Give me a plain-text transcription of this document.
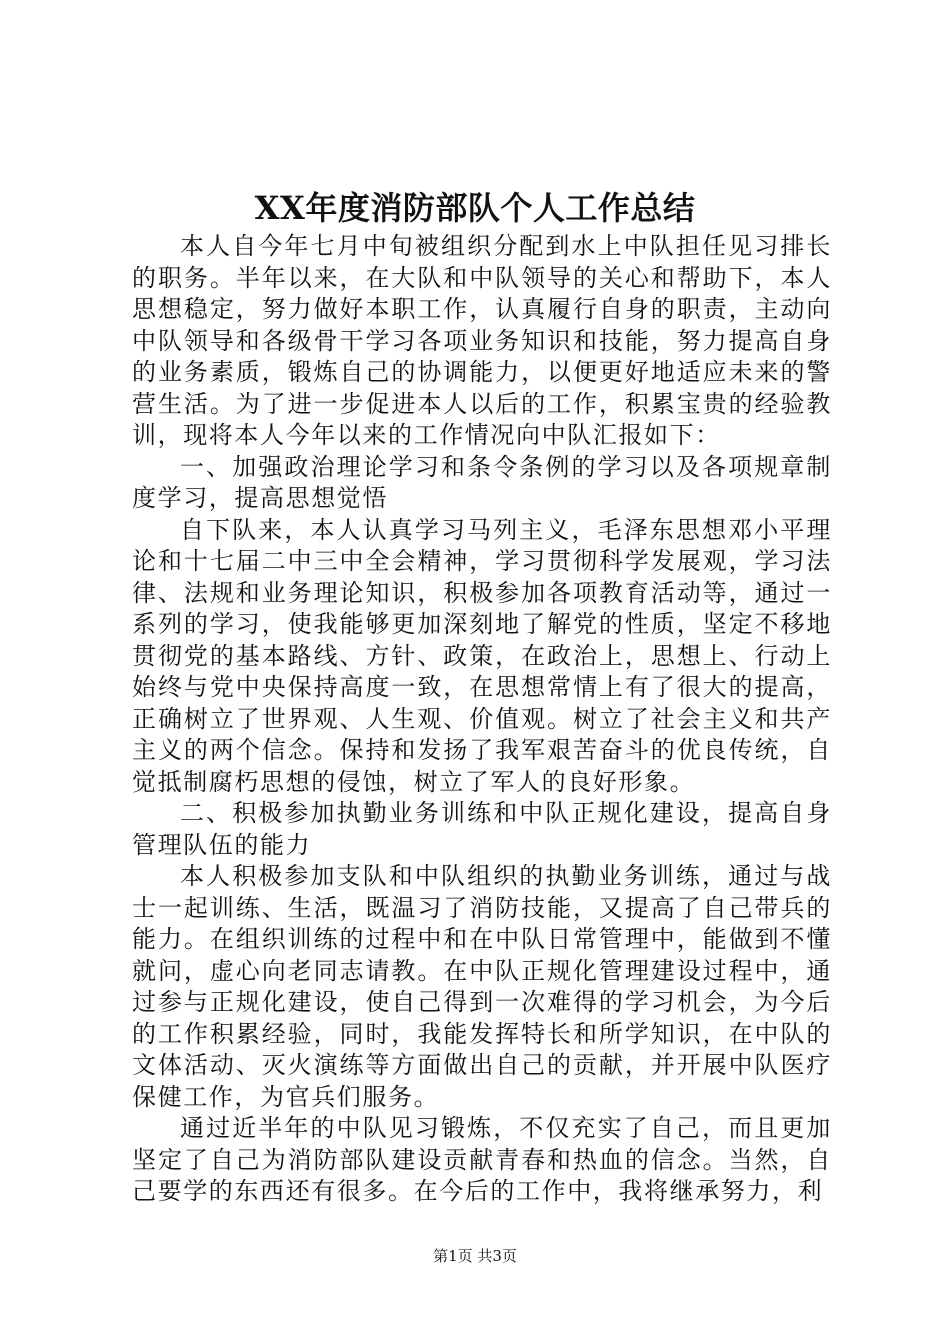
XX年度消防部队个人工作总结

本人自今年七月中旬被组织分配到水上中队担任见习排长的职务。半年以来，在大队和中队领导的关心和帮助下，本人思想稳定，努力做好本职工作，认真履行自身的职责，主动向中队领导和各级骨干学习各项业务知识和技能，努力提高自身的业务素质，锻炼自己的协调能力，以便更好地适应未来的警营生活。为了进一步促进本人以后的工作，积累宝贵的经验教训，现将本人今年以来的工作情况向中队汇报如下：

一、加强政治理论学习和条令条例的学习以及各项规章制度学习，提高思想觉悟

自下队来，本人认真学习马列主义，毛泽东思想邓小平理论和十七届二中三中全会精神，学习贯彻科学发展观，学习法律、法规和业务理论知识，积极参加各项教育活动等，通过一系列的学习，使我能够更加深刻地了解党的性质，坚定不移地贯彻党的基本路线、方针、政策，在政治上，思想上、行动上始终与党中央保持高度一致，在思想常情上有了很大的提高，正确树立了世界观、人生观、价值观。树立了社会主义和共产主义的两个信念。保持和发扬了我军艰苦奋斗的优良传统，自觉抵制腐朽思想的侵蚀，树立了军人的良好形象。

二、积极参加执勤业务训练和中队正规化建设，提高自身管理队伍的能力

本人积极参加支队和中队组织的执勤业务训练，通过与战士一起训练、生活，既温习了消防技能，又提高了自己带兵的能力。在组织训练的过程中和在中队日常管理中，能做到不懂就问，虚心向老同志请教。在中队正规化管理建设过程中，通过参与正规化建设，使自己得到一次难得的学习机会，为今后的工作积累经验，同时，我能发挥特长和所学知识，在中队的文体活动、灭火演练等方面做出自己的贡献，并开展中队医疗保健工作，为官兵们服务。

通过近半年的中队见习锻炼，不仅充实了自己，而且更加坚定了自己为消防部队建设贡献青春和热血的信念。当然，自己要学的东西还有很多。在今后的工作中，我将继承努力，利

第1页 共3页
